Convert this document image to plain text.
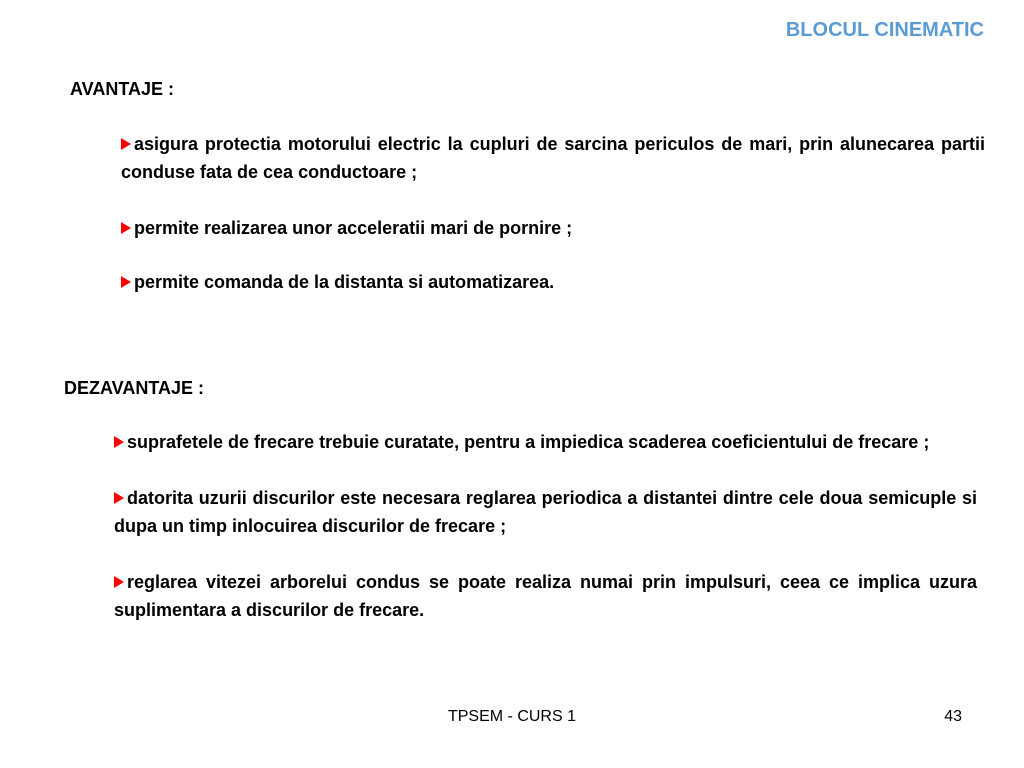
BLOCUL CINEMATIC
AVANTAJE :
asigura protectia motorului electric la cupluri de sarcina periculos de mari, prin alunecarea partii conduse fata de cea conductoare ;
permite realizarea unor acceleratii mari de pornire ;
permite comanda de la distanta si automatizarea.
DEZAVANTAJE :
suprafetele de frecare trebuie curatate, pentru a impiedica scaderea coeficientului de frecare ;
datorita uzurii discurilor este necesara reglarea periodica a distantei dintre cele doua semicuple si dupa un timp inlocuirea discurilor de frecare ;
reglarea vitezei arborelui condus se poate realiza numai prin impulsuri, ceea ce implica uzura suplimentara a discurilor de frecare.
TPSEM - CURS 1	43
